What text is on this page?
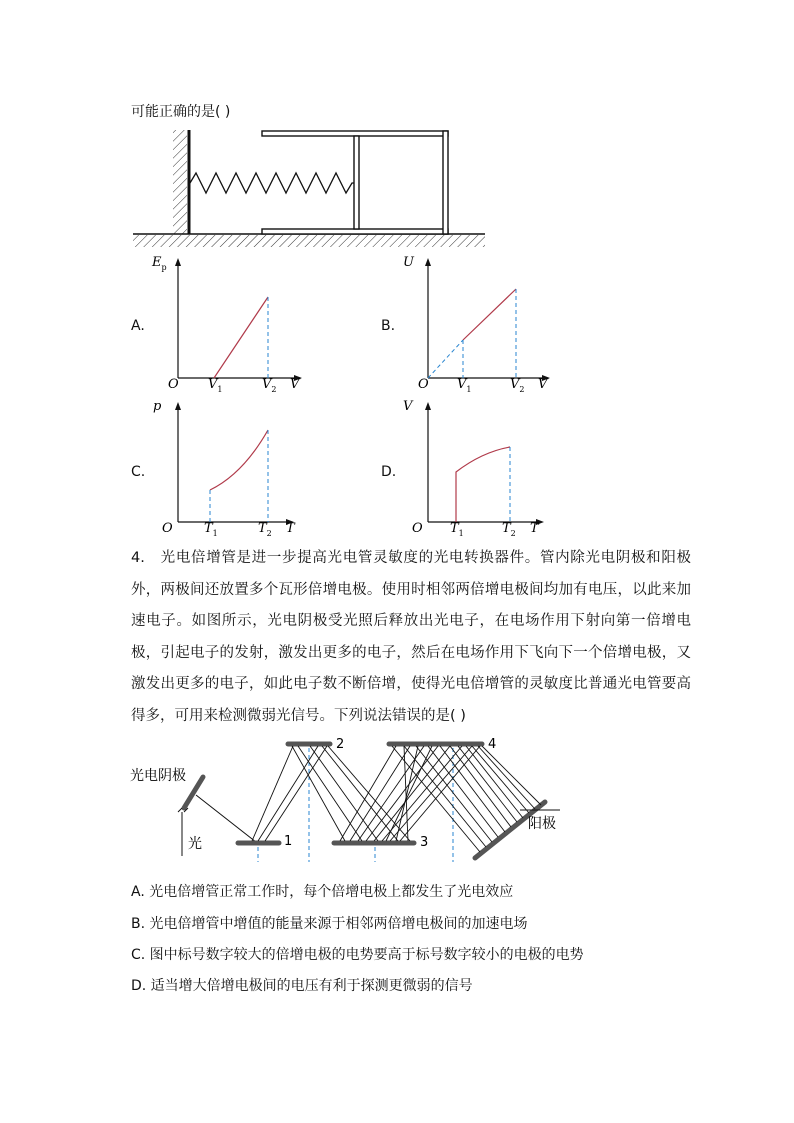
可能正确的是( )
A.
$E_p$
O $V_1$	$V_2$ V
B.
U
O $V_1$	$V_2$ V
C.
p
O $T_1$	$T_2$ T
D.
V
O $T_1$	$T_2$ T
4.　光电倍增管是进一步提高光电管灵敏度的光电转换器件。管内除光电阴极和阳极外，两极间还放置多个瓦形倍增电极。使用时相邻两倍增电极间均加有电压，以此来加速电子。如图所示，光电阴极受光照后释放出光电子，在电场作用下射向第一倍增电极，引起电子的发射，激发出更多的电子，然后在电场作用下飞向下一个倍增电极，又激发出更多的电子，如此电子数不断倍增，使得光电倍增管的灵敏度比普通光电管要高得多，可用来检测微弱光信号。下列说法错误的是( )
光电阴极
光	1
2
3
4
阳极
A. 光电倍增管正常工作时，每个倍增电极上都发生了光电效应
B. 光电倍增管中增值的能量来源于相邻两倍增电极间的加速电场
C. 图中标号数字较大的倍增电极的电势要高于标号数字较小的电极的电势
D. 适当增大倍增电极间的电压有利于探测更微弱的信号
